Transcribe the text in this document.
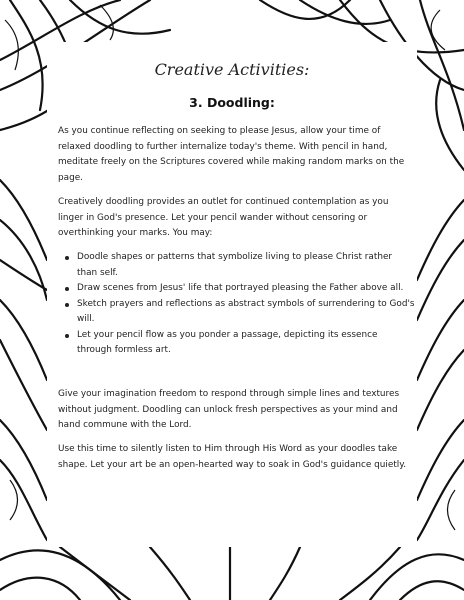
Creative Activities:
3. Doodling:

As you continue reflecting on seeking to please Jesus, allow your time of relaxed doodling to further internalize today's theme. With pencil in hand, meditate freely on the Scriptures covered while making random marks on the page.

Creatively doodling provides an outlet for continued contemplation as you linger in God's presence. Let your pencil wander without censoring or overthinking your marks. You may:

Doodle shapes or patterns that symbolize living to please Christ rather than self.
Draw scenes from Jesus' life that portrayed pleasing the Father above all.
Sketch prayers and reflections as abstract symbols of surrendering to God's will.
Let your pencil flow as you ponder a passage, depicting its essence through formless art.

Give your imagination freedom to respond through simple lines and textures without judgment. Doodling can unlock fresh perspectives as your mind and hand commune with the Lord.

Use this time to silently listen to Him through His Word as your doodles take shape. Let your art be an open-hearted way to soak in God's guidance quietly.
